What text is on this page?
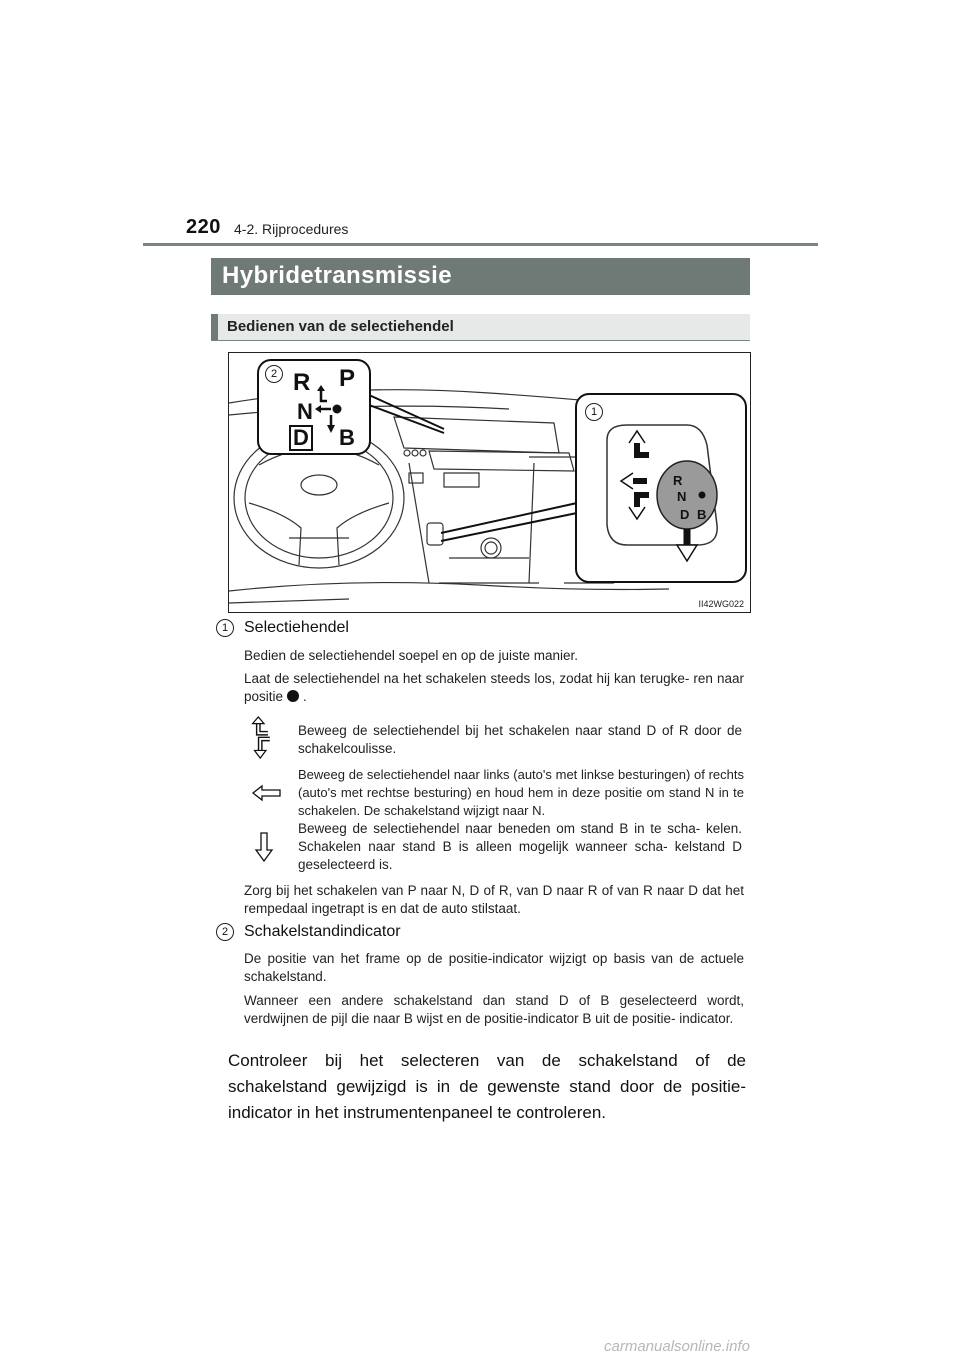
220 4-2. Rijprocedures
Hybridetransmissie
Bedienen van de selectiehendel
2 R P
N
D B
1
R
N
D B
II42WG022
1 Selectiehendel
Bedien de selectiehendel soepel en op de juiste manier.
Laat de selectiehendel na het schakelen steeds los, zodat hij kan terugke- ren naar positie .
Beweeg de selectiehendel bij het schakelen naar stand D of R door de schakelcoulisse.
Beweeg de selectiehendel naar links (auto's met linkse besturingen) of rechts (auto's met rechtse besturing) en houd hem in deze positie om stand N in te schakelen. De schakelstand wijzigt naar N.
Beweeg de selectiehendel naar beneden om stand B in te scha- kelen. Schakelen naar stand B is alleen mogelijk wanneer scha- kelstand D geselecteerd is.
Zorg bij het schakelen van P naar N, D of R, van D naar R of van R naar D dat het rempedaal ingetrapt is en dat de auto stilstaat.
2 Schakelstandindicator
De positie van het frame op de positie-indicator wijzigt op basis van de actuele schakelstand.
Wanneer een andere schakelstand dan stand D of B geselecteerd wordt, verdwijnen de pijl die naar B wijst en de positie-indicator B uit de positie- indicator.
Controleer bij het selecteren van de schakelstand of de schakelstand gewijzigd is in de gewenste stand door de positie-indicator in het instrumentenpaneel te controleren.
carmanualsonline.info
